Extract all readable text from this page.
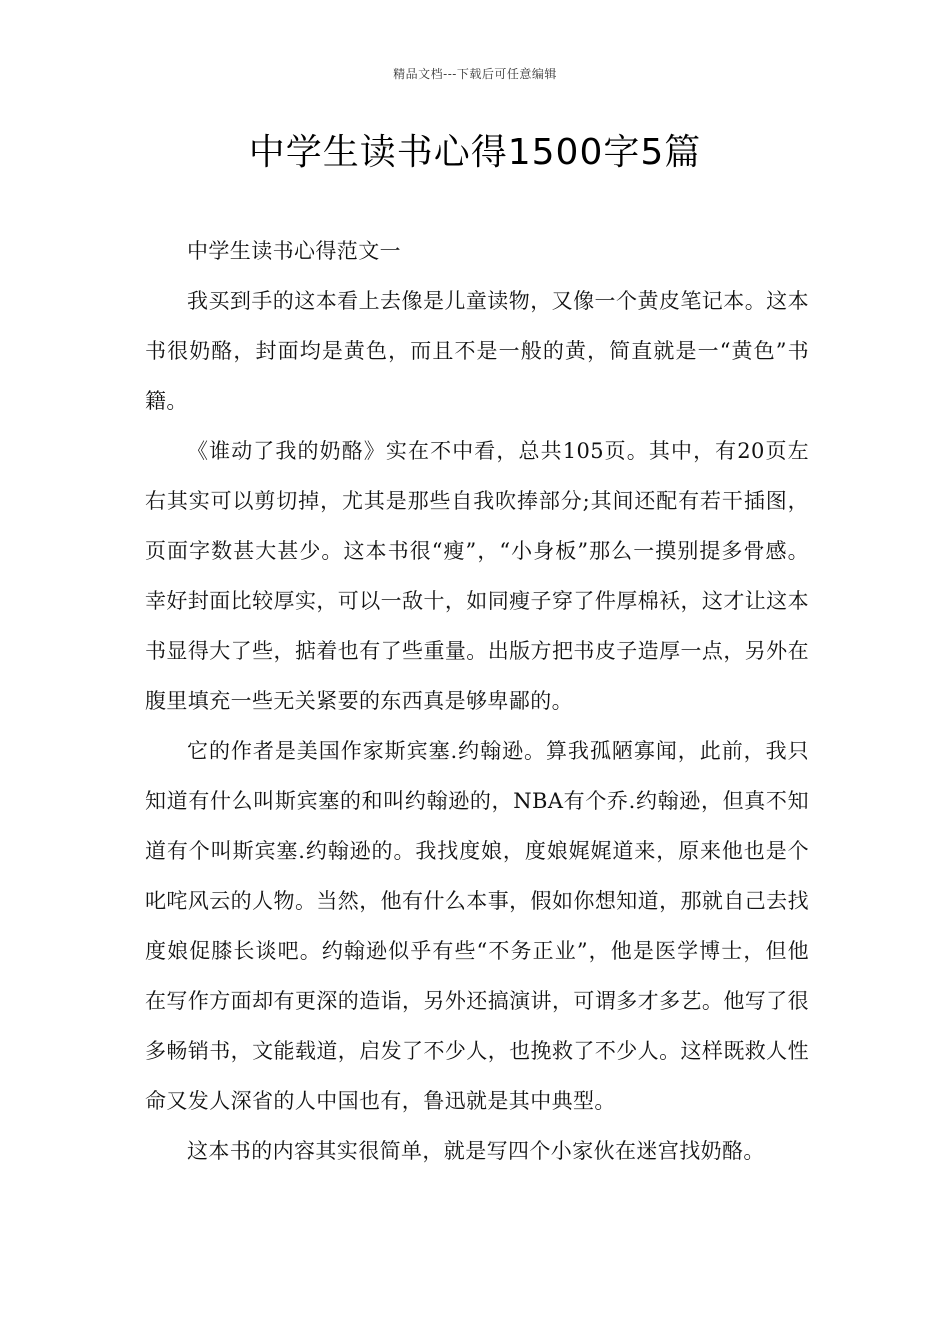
精品文档---下载后可任意编辑
中学生读书心得1500字5篇

中学生读书心得范文一

我买到手的这本看上去像是儿童读物，又像一个黄皮笔记本。这本书很奶酪，封面均是黄色，而且不是一般的黄，简直就是一“黄色”书籍。

《谁动了我的奶酪》实在不中看，总共105页。其中，有20页左右其实可以剪切掉，尤其是那些自我吹捧部分;其间还配有若干插图，页面字数甚大甚少。这本书很“瘦”，“小身板”那么一摸别提多骨感。幸好封面比较厚实，可以一敌十，如同瘦子穿了件厚棉袄，这才让这本书显得大了些，掂着也有了些重量。出版方把书皮子造厚一点，另外在腹里填充一些无关紧要的东西真是够卑鄙的。

它的作者是美国作家斯宾塞.约翰逊。算我孤陋寡闻，此前，我只知道有什么叫斯宾塞的和叫约翰逊的，NBA有个乔.约翰逊，但真不知道有个叫斯宾塞.约翰逊的。我找度娘，度娘娓娓道来，原来他也是个叱咤风云的人物。当然，他有什么本事，假如你想知道，那就自己去找度娘促膝长谈吧。约翰逊似乎有些“不务正业”，他是医学博士，但他在写作方面却有更深的造诣，另外还搞演讲，可谓多才多艺。他写了很多畅销书，文能载道，启发了不少人，也挽救了不少人。这样既救人性命又发人深省的人中国也有，鲁迅就是其中典型。

这本书的内容其实很简单，就是写四个小家伙在迷宫找奶酪。
